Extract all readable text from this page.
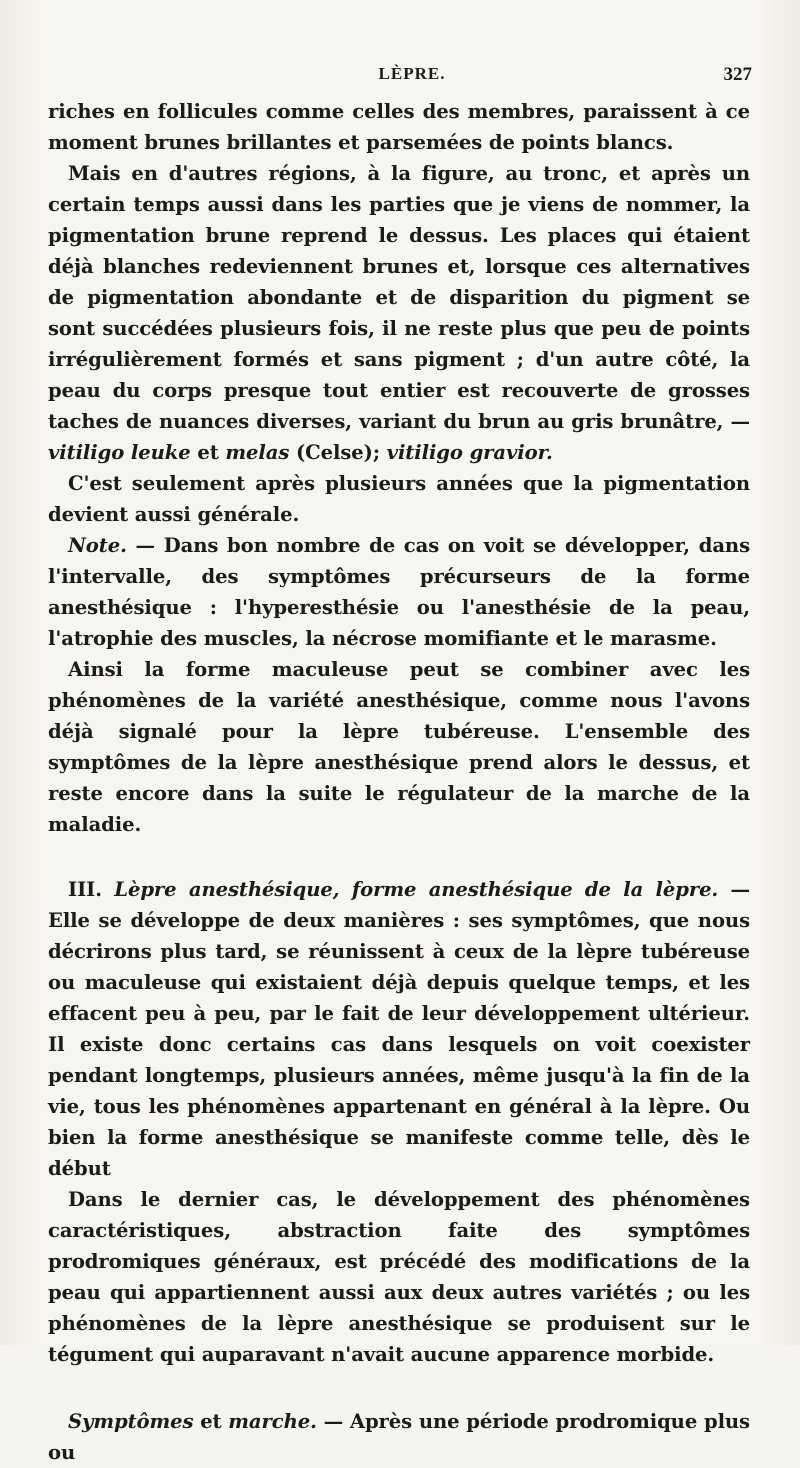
LÈPRE.	327

riches en follicules comme celles des membres, paraissent à ce moment brunes brillantes et parsemées de points blancs.

Mais en d'autres régions, à la figure, au tronc, et après un certain temps aussi dans les parties que je viens de nommer, la pigmentation brune reprend le dessus. Les places qui étaient déjà blanches redeviennent brunes et, lorsque ces alternatives de pigmentation abondante et de disparition du pigment se sont succédées plusieurs fois, il ne reste plus que peu de points irrégulièrement formés et sans pigment ; d'un autre côté, la peau du corps presque tout entier est recouverte de grosses taches de nuances diverses, variant du brun au gris brunâtre, — vitiligo leuke et melas (Celse); vitiligo gravior.

C'est seulement après plusieurs années que la pigmentation devient aussi générale.

Note. — Dans bon nombre de cas on voit se développer, dans l'intervalle, des symptômes précurseurs de la forme anesthésique : l'hyperesthésie ou l'anesthésie de la peau, l'atrophie des muscles, la nécrose momifiante et le marasme.

Ainsi la forme maculeuse peut se combiner avec les phénomènes de la variété anesthésique, comme nous l'avons déjà signalé pour la lèpre tubéreuse. L'ensemble des symptômes de la lèpre anesthésique prend alors le dessus, et reste encore dans la suite le régulateur de la marche de la maladie.

III. Lèpre anesthésique, forme anesthésique de la lèpre. — Elle se développe de deux manières : ses symptômes, que nous décrirons plus tard, se réunissent à ceux de la lèpre tubéreuse ou maculeuse qui existaient déjà depuis quelque temps, et les effacent peu à peu, par le fait de leur développement ultérieur. Il existe donc certains cas dans lesquels on voit coexister pendant longtemps, plusieurs années, même jusqu'à la fin de la vie, tous les phénomènes appartenant en général à la lèpre. Ou bien la forme anesthésique se manifeste comme telle, dès le début

Dans le dernier cas, le développement des phénomènes caractéristiques, abstraction faite des symptômes prodromiques généraux, est précédé des modifications de la peau qui appartiennent aussi aux deux autres variétés ; ou les phénomènes de la lèpre anesthésique se produisent sur le tégument qui auparavant n'avait aucune apparence morbide.

Symptômes et marche. — Après une période prodromique plus ou
